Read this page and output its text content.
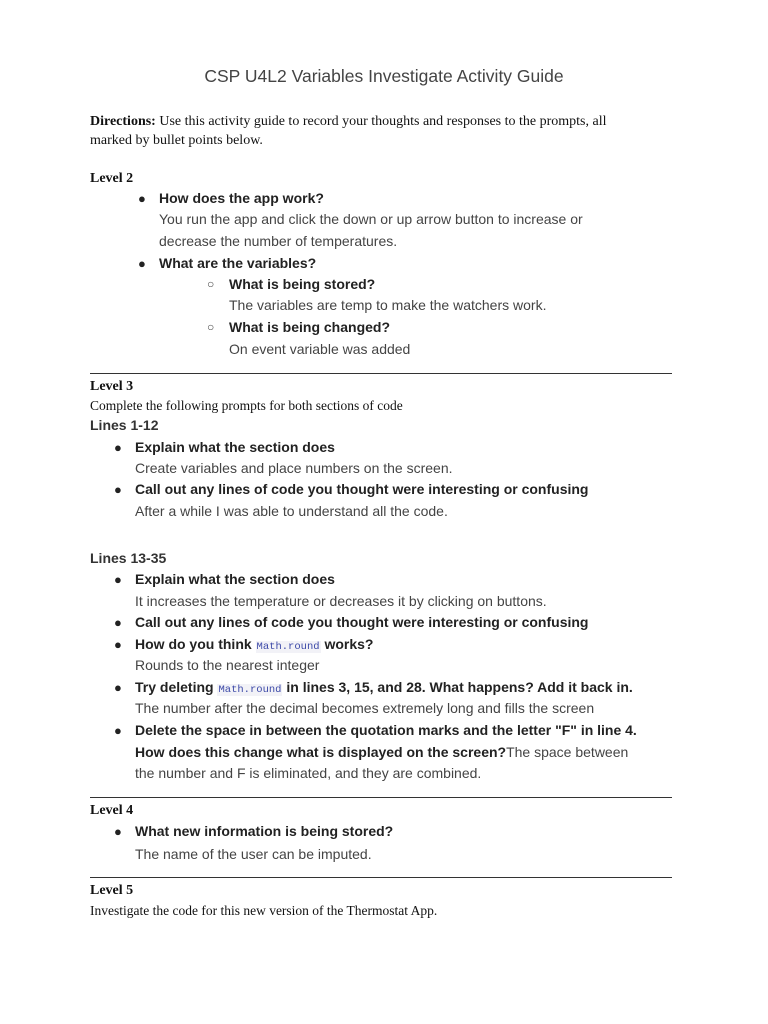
CSP U4L2 Variables Investigate Activity Guide
Directions: Use this activity guide to record your thoughts and responses to the prompts, all
marked by bullet points below.
Level 2
● How does the app work?
You run the app and click the down or up arrow button to increase or
decrease the number of temperatures.
● What are the variables?
○ What is being stored?
The variables are temp to make the watchers work.
○ What is being changed?
On event variable was added
Level 3
Complete the following prompts for both sections of code
Lines 1-12
● Explain what the section does
Create variables and place numbers on the screen.
● Call out any lines of code you thought were interesting or confusing
After a while I was able to understand all the code.
Lines 13-35
● Explain what the section does
It increases the temperature or decreases it by clicking on buttons.
● Call out any lines of code you thought were interesting or confusing
● How do you think Math.round works?
Rounds to the nearest integer
● Try deleting Math.round in lines 3, 15, and 28. What happens? Add it back in.
The number after the decimal becomes extremely long and fills the screen
● Delete the space in between the quotation marks and the letter "F" in line 4.
How does this change what is displayed on the screen?The space between
the number and F is eliminated, and they are combined.
Level 4
● What new information is being stored?
The name of the user can be imputed.
Level 5
Investigate the code for this new version of the Thermostat App.
